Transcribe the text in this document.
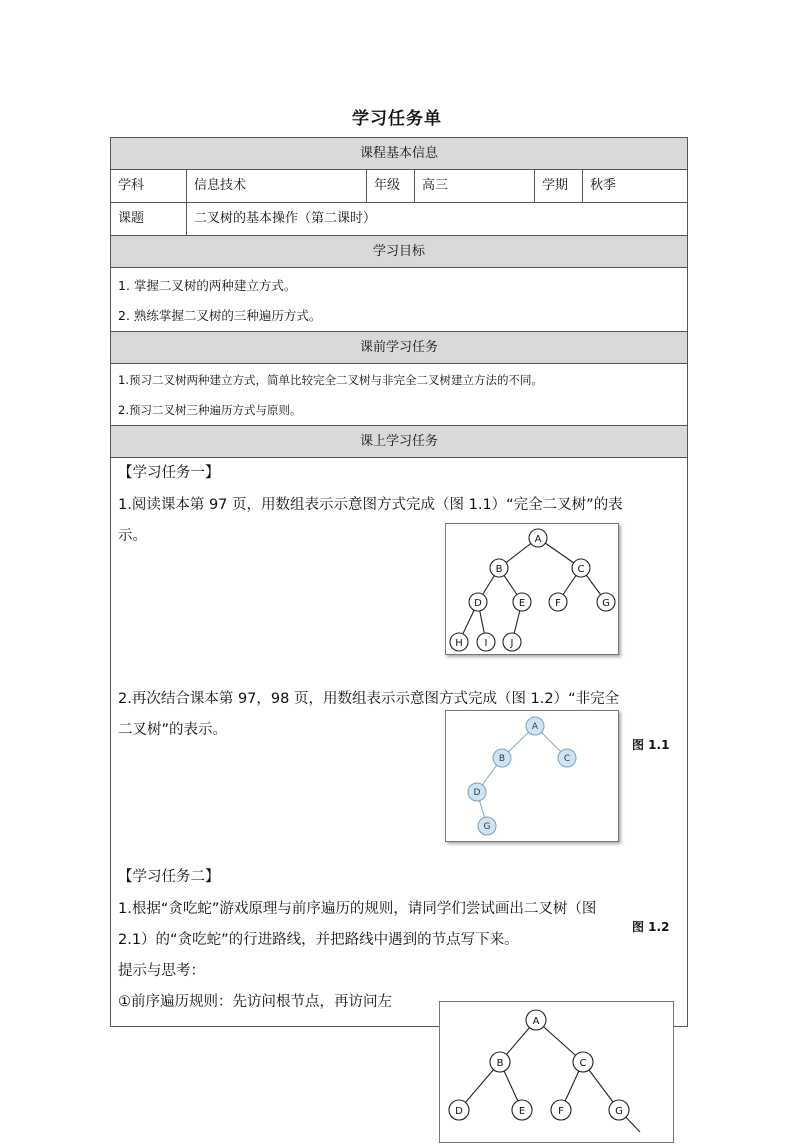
学习任务单
课程基本信息
学科	信息技术	年级	高三	学期	秋季
课题	二叉树的基本操作（第二课时）
学习目标
1. 掌握二叉树的两种建立方式。
2. 熟练掌握二叉树的三种遍历方式。
课前学习任务
1.预习二叉树两种建立方式，简单比较完全二叉树与非完全二叉树建立方法的不同。
2.预习二叉树三种遍历方式与原则。
课上学习任务
【学习任务一】
1.阅读课本第 97 页，用数组表示示意图方式完成（图 1.1）“完全二叉树”的表
示。	A
B	C
D	E	F	G
H I J
图 1.1
2.再次结合课本第 97，98 页，用数组表示示意图方式完成（图 1.2）“非完全
二叉树”的表示。	A
B	C
D
G
图 1.2
【学习任务二】
1.根据“贪吃蛇”游戏原理与前序遍历的规则，请同学们尝试画出二叉树（图
2.1）的“贪吃蛇”的行进路线，并把路线中遇到的节点写下来。
提示与思考：
①前序遍历规则：先访问根节点，再访问左
A
B	C
D	E	F	G
